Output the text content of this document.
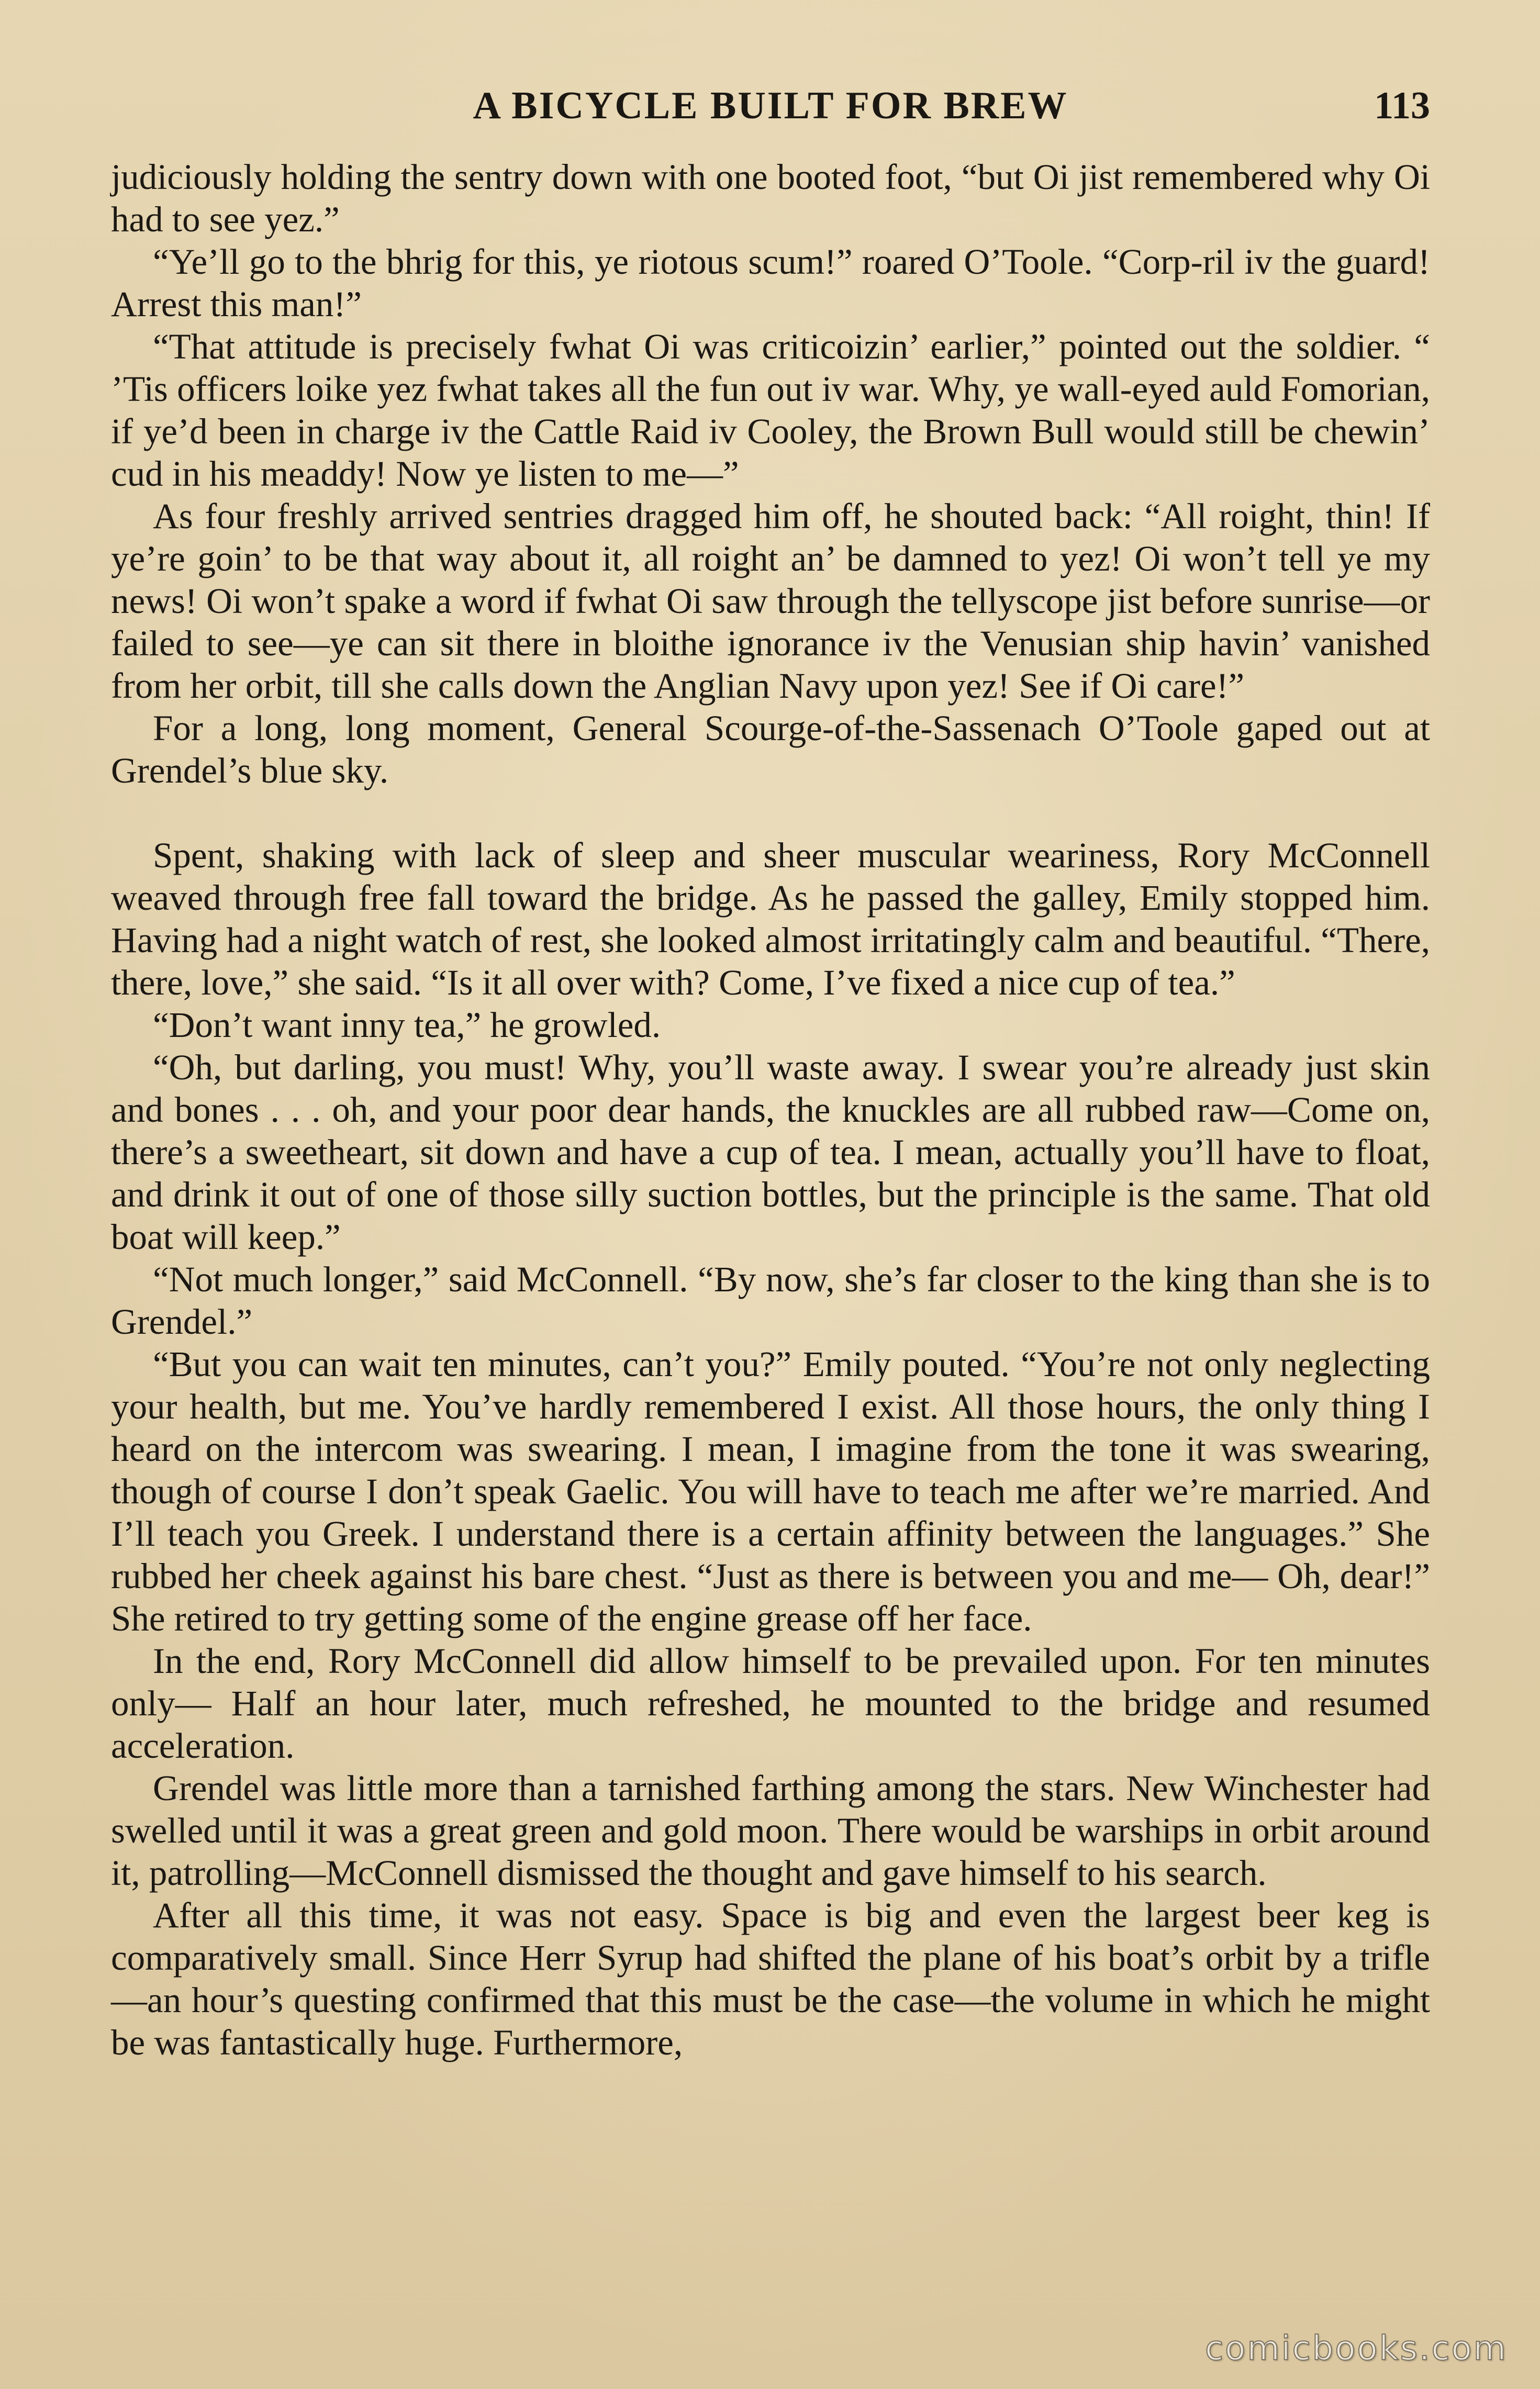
A BICYCLE BUILT FOR BREW	113

judiciously holding the sentry down with one booted foot, “but Oi jist remembered why Oi had to see yez.”

“Ye’ll go to the bhrig for this, ye riotous scum!” roared O’Toole. “Corp-ril iv the guard! Arrest this man!”

“That attitude is precisely fwhat Oi was criticoizin’ earlier,” pointed out the soldier. “ ’Tis officers loike yez fwhat takes all the fun out iv war. Why, ye wall-eyed auld Fomorian, if ye’d been in charge iv the Cattle Raid iv Cooley, the Brown Bull would still be chewin’ cud in his meaddy! Now ye listen to me—”

As four freshly arrived sentries dragged him off, he shouted back: “All roight, thin! If ye’re goin’ to be that way about it, all roight an’ be damned to yez! Oi won’t tell ye my news! Oi won’t spake a word if fwhat Oi saw through the tellyscope jist before sunrise—or failed to see—ye can sit there in bloithe ignorance iv the Venusian ship havin’ vanished from her orbit, till she calls down the Anglian Navy upon yez! See if Oi care!”

For a long, long moment, General Scourge-of-the-Sassenach O’Toole gaped out at Grendel’s blue sky.

Spent, shaking with lack of sleep and sheer muscular weariness, Rory McConnell weaved through free fall toward the bridge. As he passed the galley, Emily stopped him. Having had a night watch of rest, she looked almost irritatingly calm and beautiful. “There, there, love,” she said. “Is it all over with? Come, I’ve fixed a nice cup of tea.”

“Don’t want inny tea,” he growled.

“Oh, but darling, you must! Why, you’ll waste away. I swear you’re already just skin and bones . . . oh, and your poor dear hands, the knuckles are all rubbed raw—Come on, there’s a sweetheart, sit down and have a cup of tea. I mean, actually you’ll have to float, and drink it out of one of those silly suction bottles, but the principle is the same. That old boat will keep.”

“Not much longer,” said McConnell. “By now, she’s far closer to the king than she is to Grendel.”

“But you can wait ten minutes, can’t you?” Emily pouted. “You’re not only neglecting your health, but me. You’ve hardly remembered I exist. All those hours, the only thing I heard on the intercom was swearing. I mean, I imagine from the tone it was swearing, though of course I don’t speak Gaelic. You will have to teach me after we’re married. And I’ll teach you Greek. I understand there is a certain affinity between the languages.” She rubbed her cheek against his bare chest. “Just as there is between you and me— Oh, dear!” She retired to try getting some of the engine grease off her face.

In the end, Rory McConnell did allow himself to be prevailed upon. For ten minutes only— Half an hour later, much refreshed, he mounted to the bridge and resumed acceleration.

Grendel was little more than a tarnished farthing among the stars. New Winchester had swelled until it was a great green and gold moon. There would be warships in orbit around it, patrolling—McConnell dismissed the thought and gave himself to his search.

After all this time, it was not easy. Space is big and even the largest beer keg is comparatively small. Since Herr Syrup had shifted the plane of his boat’s orbit by a trifle—an hour’s questing confirmed that this must be the case—the volume in which he might be was fantastically huge. Furthermore,

comicbooks.com
